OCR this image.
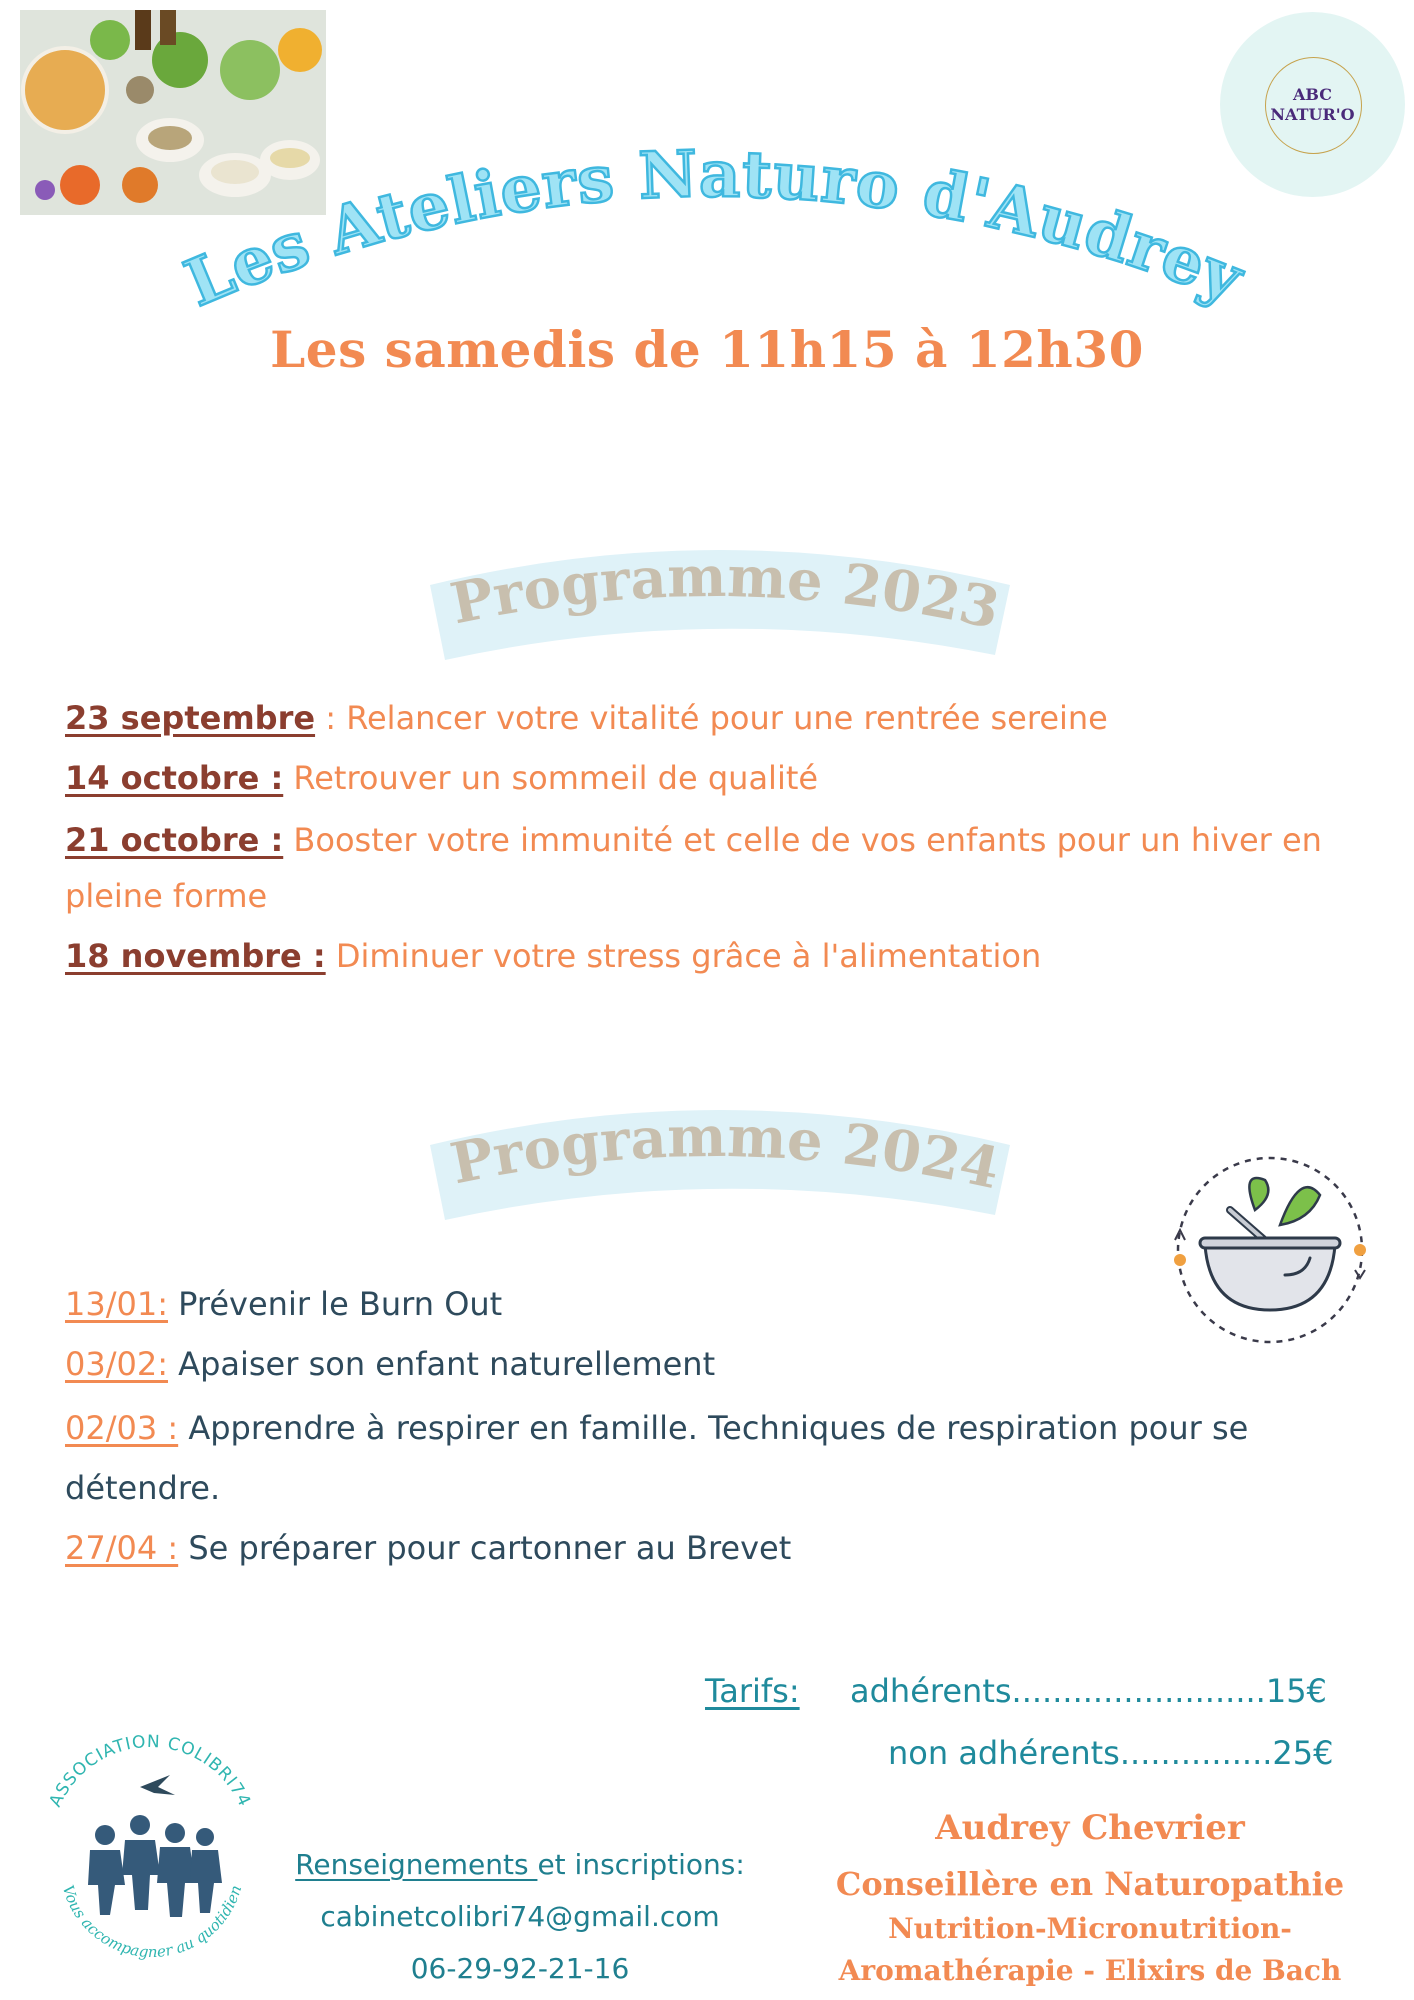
ABC
NATUR'O
Les Ateliers Naturo d'Audrey
Les samedis de 11h15 à 12h30
Programme 2023
23 septembre : Relancer votre vitalité pour une rentrée sereine
14 octobre : Retrouver un sommeil de qualité
21 octobre : Booster votre immunité et celle de vos enfants pour un hiver en pleine forme
18 novembre : Diminuer votre stress grâce à l'alimentation
Programme 2024
13/01: Prévenir le Burn Out
03/02: Apaiser son enfant naturellement
02/03 : Apprendre à respirer en famille. Techniques de respiration pour se détendre.
27/04 : Se préparer pour cartonner au Brevet
Tarifs: adhérents.........................15€
non adhérents...............25€
ASSOCIATION COLIBRI74
Vous accompagner au quotidien
Renseignements et inscriptions:
cabinetcolibri74@gmail.com
06-29-92-21-16
Audrey Chevrier
Conseillère en Naturopathie
Nutrition-Micronutrition-
Aromathérapie - Elixirs de Bach
